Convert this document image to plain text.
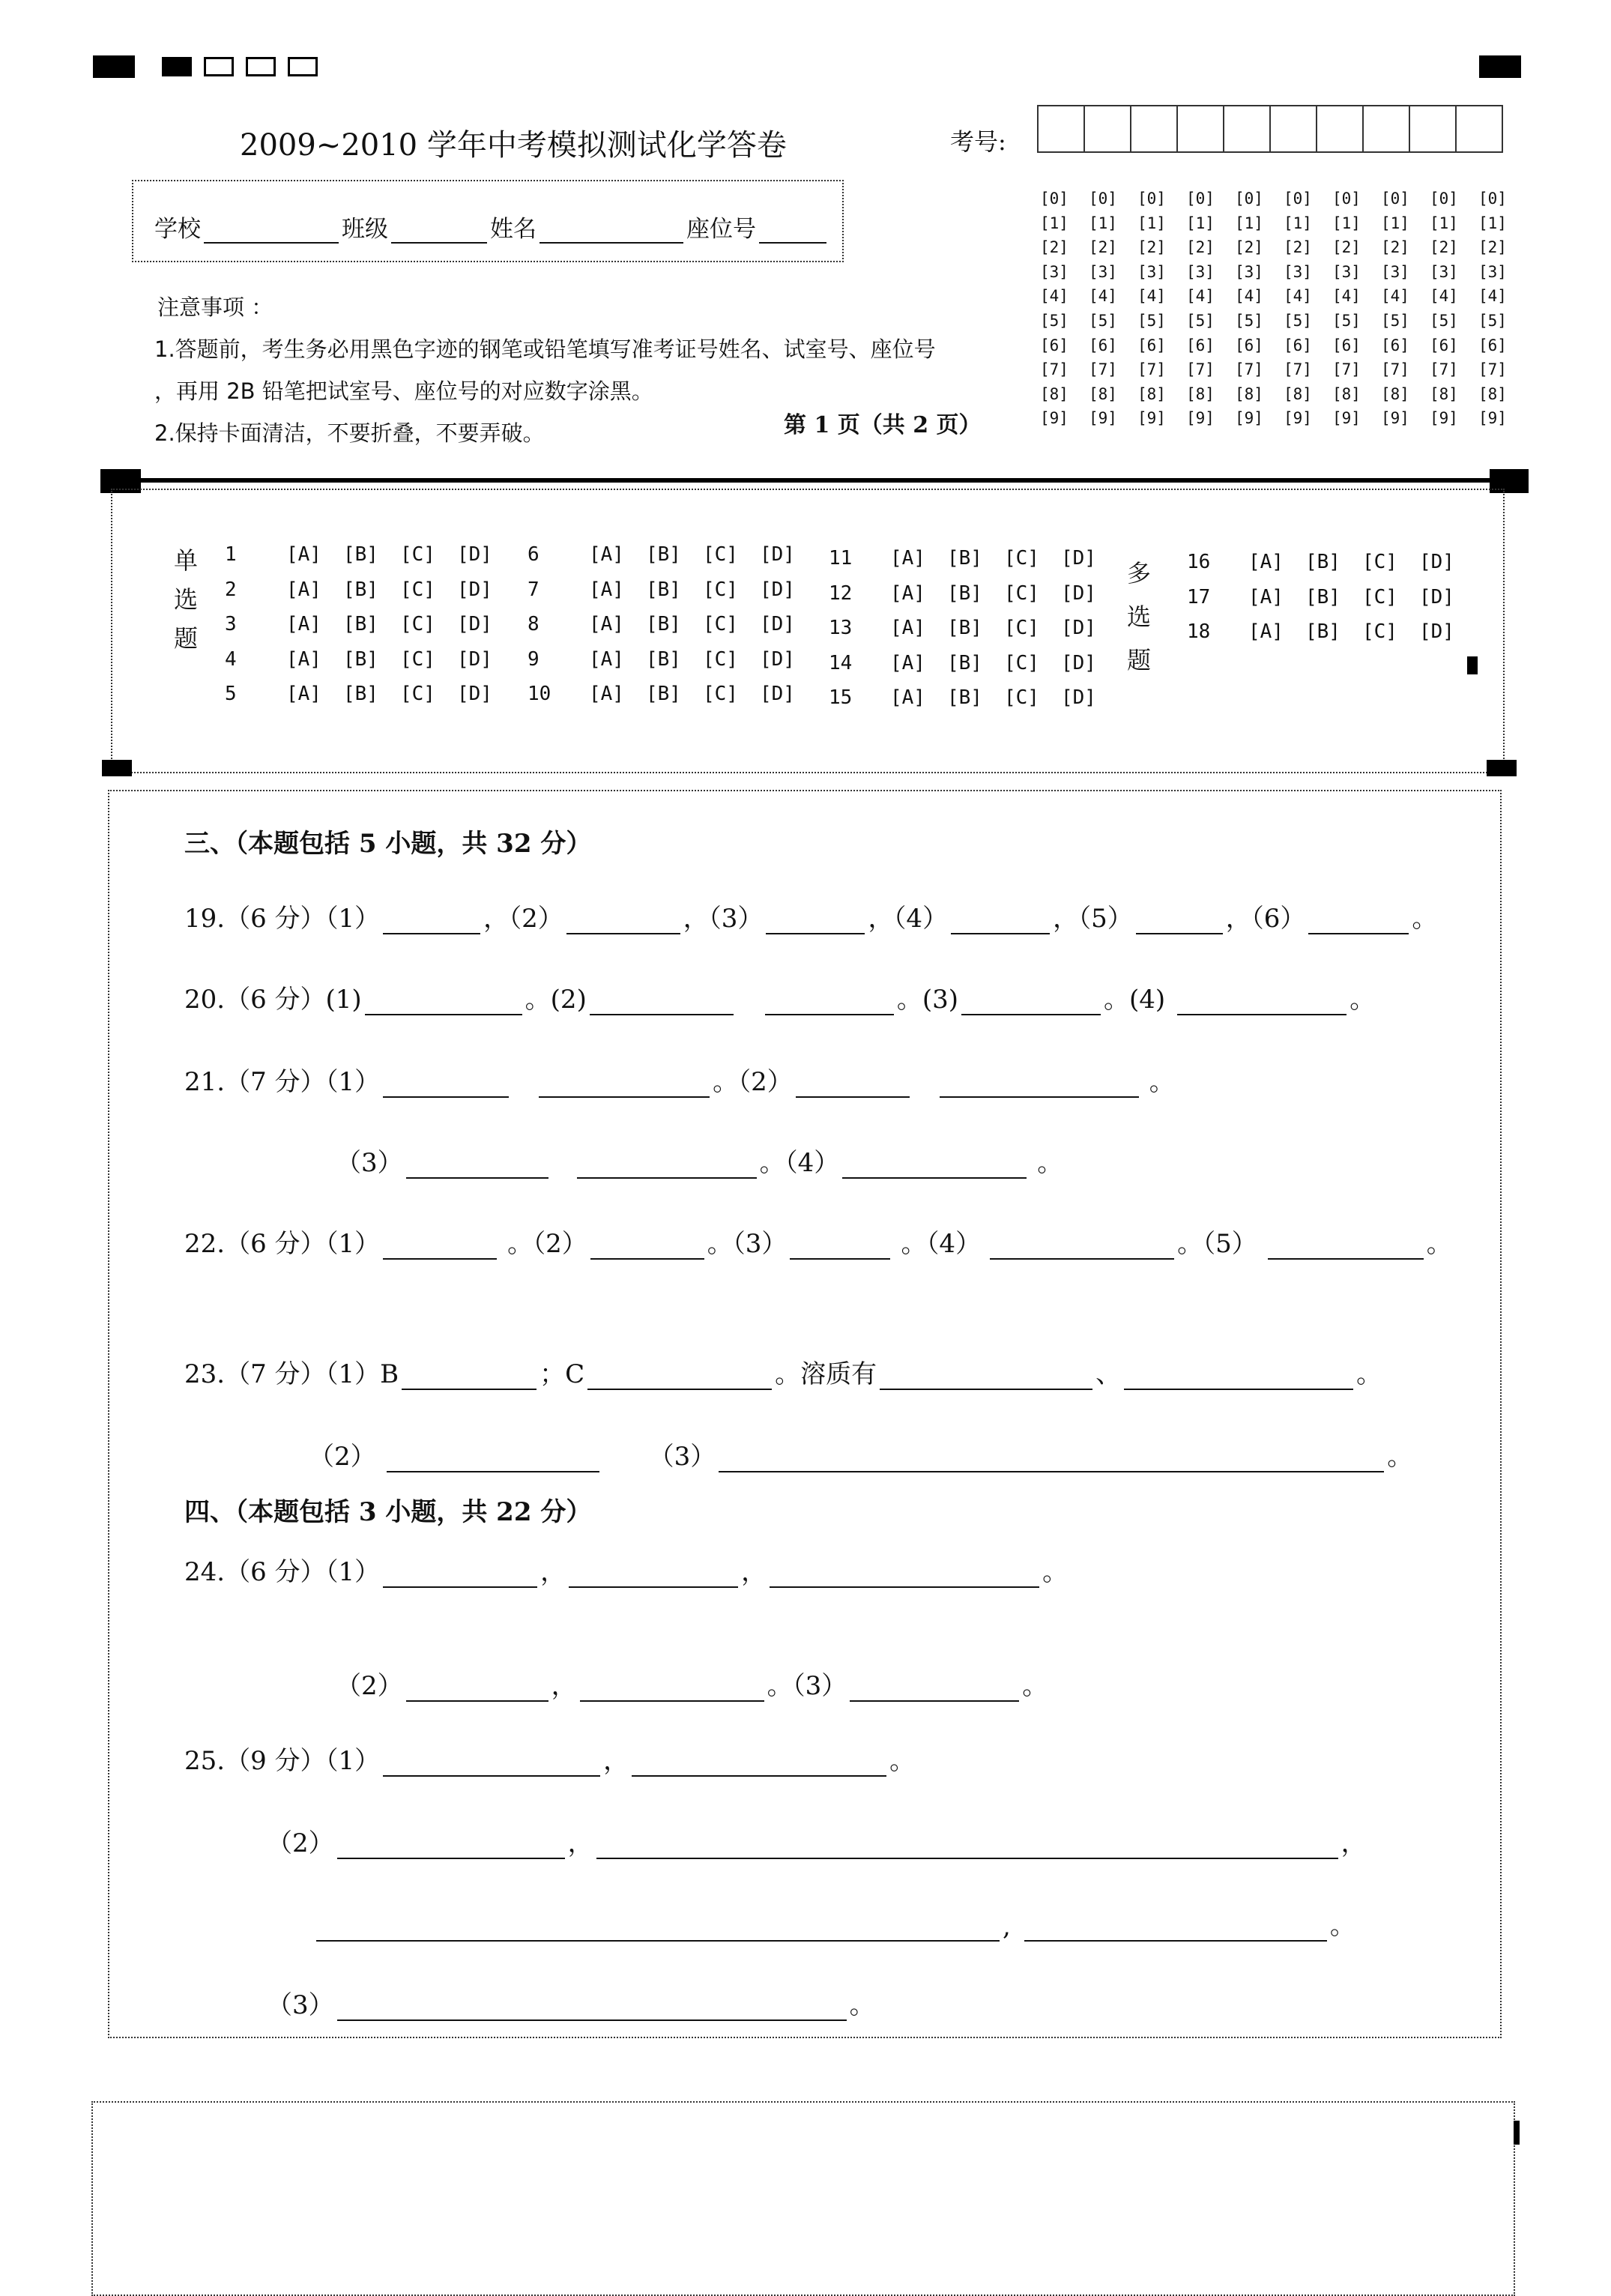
2009~2010 学年中考模拟测试化学答卷	考号:
[0]	[0]	[0]	[0]	[0]	[0]	[0]	[0]	[0]	[0]
[1]	[1]	[1]	[1]	[1]	[1]	[1]	[1]	[1]	[1]
[2]	[2]	[2]	[2]	[2]	[2]	[2]	[2]	[2]	[2]
[3]	[3]	[3]	[3]	[3]	[3]	[3]	[3]	[3]	[3]
[4]	[4]	[4]	[4]	[4]	[4]	[4]	[4]	[4]	[4]
[5]	[5]	[5]	[5]	[5]	[5]	[5]	[5]	[5]	[5]
[6]	[6]	[6]	[6]	[6]	[6]	[6]	[6]	[6]	[6]
[7]	[7]	[7]	[7]	[7]	[7]	[7]	[7]	[7]	[7]
[8]	[8]	[8]	[8]	[8]	[8]	[8]	[8]	[8]	[8]
[9]	[9]	[9]	[9]	[9]	[9]	[9]	[9]	[9]	[9]
学校	班级	姓名	座位号
注意事项 ：
1.答题前，考生务必用黑色字迹的钢笔或铅笔填写准考证号姓名、试室号、座位号
，再用 2B 铅笔把试室号、座位号的对应数字涂黑。
2.保持卡面清洁，不要折叠，不要弄破。	第 1 页（共 2 页）
单
选
题
1	[A]	[B]	[C]	[D]
2	[A]	[B]	[C]	[D]
3	[A]	[B]	[C]	[D]
4	[A]	[B]	[C]	[D]
5	[A]	[B]	[C]	[D]
6	[A]	[B]	[C]	[D]
7	[A]	[B]	[C]	[D]
8	[A]	[B]	[C]	[D]
9	[A]	[B]	[C]	[D]
10	[A]	[B]	[C]	[D]
11	[A]	[B]	[C]	[D]
12	[A]	[B]	[C]	[D]
13	[A]	[B]	[C]	[D]
14	[A]	[B]	[C]	[D]
15	[A]	[B]	[C]	[D]
多
选
题
16	[A]	[B]	[C]	[D]
17	[A]	[B]	[C]	[D]
18	[A]	[B]	[C]	[D]
三、（本题包括 5 小题，共 32 分）
19.（6 分）（1）	，（2）	，（3）	，（4）	，（5）	，（6）	。
20.（6 分）(1)	。(2)	。(3)	。(4)	。
21.（7 分）（1）	。（2）	。
（3）	。（4）	。
22.（6 分）（1）	。（2）	。（3）	。（4）	。（5）	。
23.（7 分）（1）B	；C	。溶质有	、	。
（2）	（3）	。
四、（本题包括 3 小题，共 22 分）
24.（6 分）（1）	，	，	。
（2）	，	。（3）	。
25.（9 分）（1）	，	。
（2）	，	，
,	。
（3）	。
